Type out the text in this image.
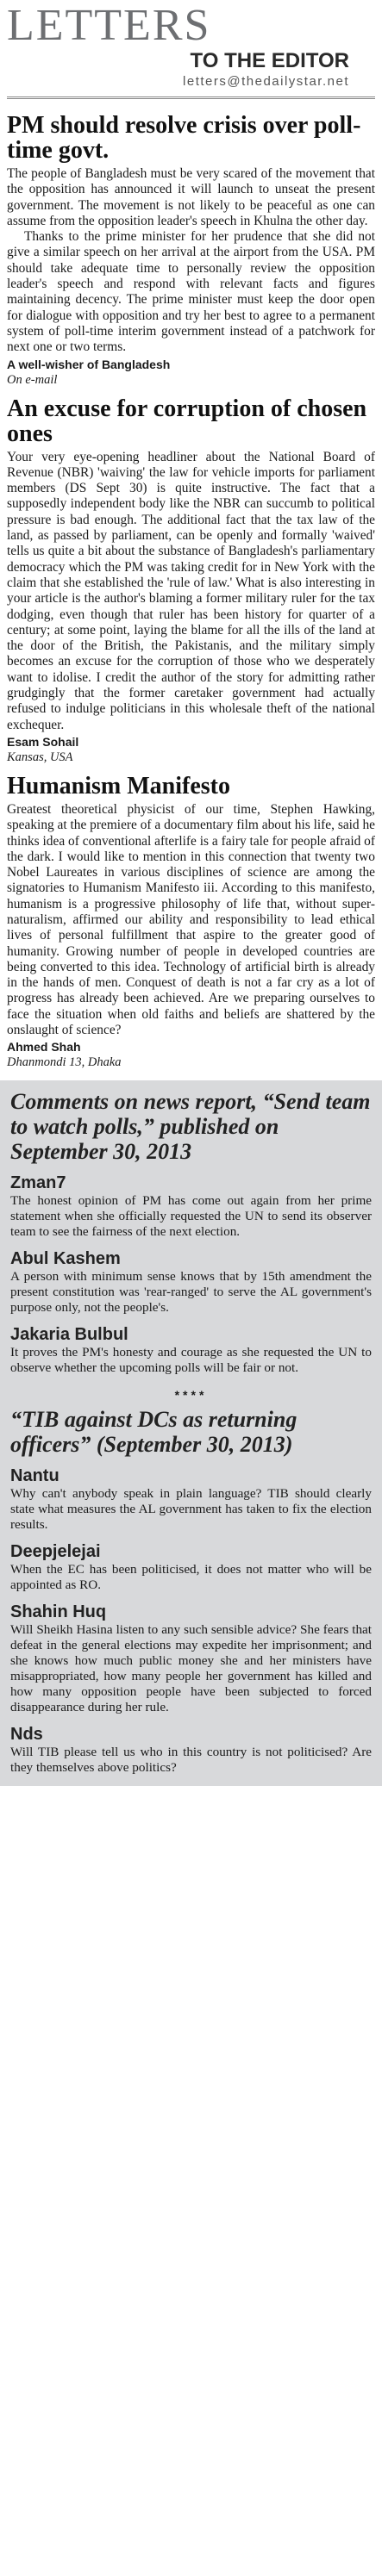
LETTERS
TO THE EDITOR
letters@thedailystar.net
PM should resolve crisis over poll-time govt.

The people of Bangladesh must be very scared of the movement that the opposition has announced it will launch to unseat the present government. The movement is not likely to be peaceful as one can assume from the opposition leader's speech in Khulna the other day.

Thanks to the prime minister for her prudence that she did not give a similar speech on her arrival at the airport from the USA. PM should take adequate time to personally review the opposition leader's speech and respond with relevant facts and figures maintaining decency. The prime minister must keep the door open for dialogue with opposition and try her best to agree to a permanent system of poll-time interim government instead of a patchwork for next one or two terms.

A well-wisher of Bangladesh
On e-mail
An excuse for corruption of chosen ones

Your very eye-opening headliner about the National Board of Revenue (NBR) 'waiving' the law for vehicle imports for parliament members (DS Sept 30) is quite instructive. The fact that a supposedly independent body like the NBR can succumb to political pressure is bad enough. The additional fact that the tax law of the land, as passed by parliament, can be openly and formally 'waived' tells us quite a bit about the substance of Bangladesh's parliamentary democracy which the PM was taking credit for in New York with the claim that she established the 'rule of law.' What is also interesting in your article is the author's blaming a former military ruler for the tax dodging, even though that ruler has been history for quarter of a century; at some point, laying the blame for all the ills of the land at the door of the British, the Pakistanis, and the military simply becomes an excuse for the corruption of those who we desperately want to idolise. I credit the author of the story for admitting rather grudgingly that the former caretaker government had actually refused to indulge politicians in this wholesale theft of the national exchequer.

Esam Sohail
Kansas, USA
Humanism Manifesto

Greatest theoretical physicist of our time, Stephen Hawking, speaking at the premiere of a documentary film about his life, said he thinks idea of conventional afterlife is a fairy tale for people afraid of the dark. I would like to mention in this connection that twenty two Nobel Laureates in various disciplines of science are among the signatories to Humanism Manifesto iii. According to this manifesto, humanism is a progressive philosophy of life that, without super-naturalism, affirmed our ability and responsibility to lead ethical lives of personal fulfillment that aspire to the greater good of humanity. Growing number of people in developed countries are being converted to this idea. Technology of artificial birth is already in the hands of men. Conquest of death is not a far cry as a lot of progress has already been achieved. Are we preparing ourselves to face the situation when old faiths and beliefs are shattered by the onslaught of science?

Ahmed Shah
Dhanmondi 13, Dhaka
Comments on news report, “Send team to watch polls,” published on September 30, 2013
Zman7
The honest opinion of PM has come out again from her prime statement when she officially requested the UN to send its observer team to see the fairness of the next election.
Abul Kashem
A person with minimum sense knows that by 15th amendment the present constitution was 'rear-ranged' to serve the AL government's purpose only, not the people's.
Jakaria Bulbul
It proves the PM's honesty and courage as she requested the UN to observe whether the upcoming polls will be fair or not.
****
“TIB against DCs as returning officers” (September 30, 2013)
Nantu
Why can't anybody speak in plain language? TIB should clearly state what measures the AL government has taken to fix the election results.
Deepjelejai
When the EC has been politicised, it does not matter who will be appointed as RO.
Shahin Huq
Will Sheikh Hasina listen to any such sensible advice? She fears that defeat in the general elections may expedite her imprisonment; and she knows how much public money she and her ministers have misappropriated, how many people her government has killed and how many opposition people have been subjected to forced disappearance during her rule.
Nds
Will TIB please tell us who in this country is not politicised? Are they themselves above politics?
